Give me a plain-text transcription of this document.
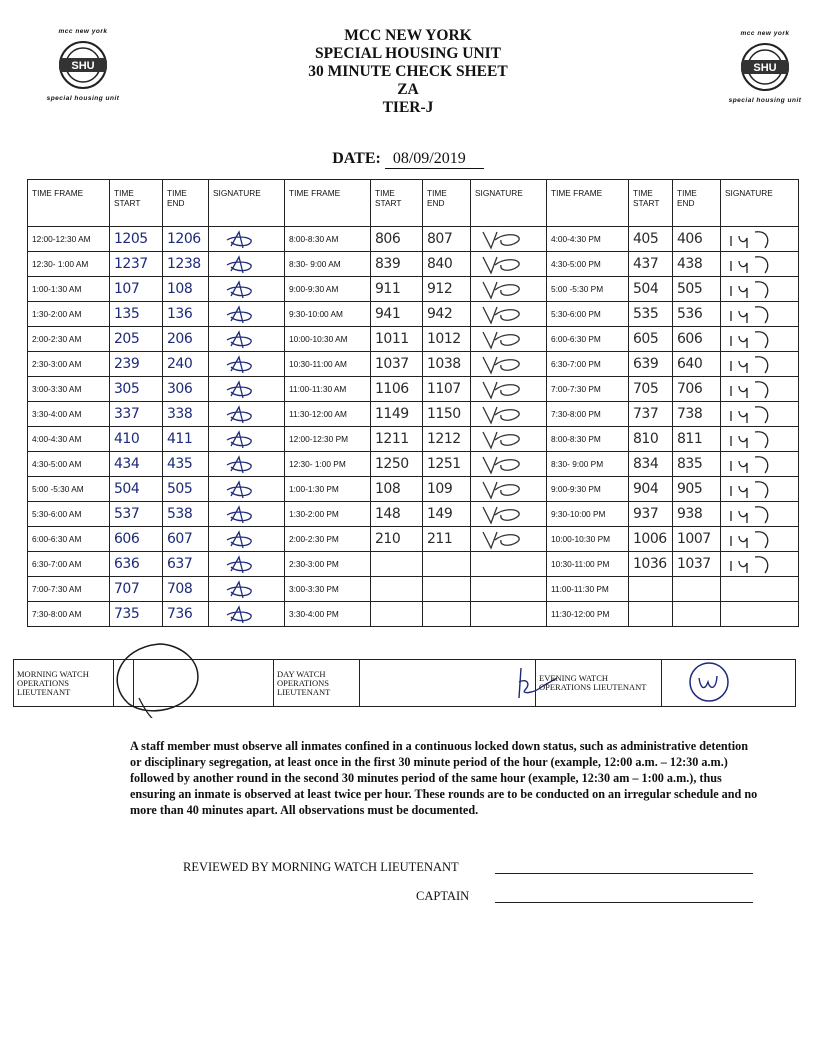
mcc new york
SHU
special housing unit
mcc new york
SHU
special housing unit
MCC NEW YORK
SPECIAL HOUSING UNIT
30 MINUTE CHECK SHEET
ZA
TIER-J
DATE: 08/09/2019
TIME FRAME	TIME START	TIME END	SIGNATURE	TIME FRAME	TIME START	TIME END	SIGNATURE	TIME FRAME	TIME START	TIME END	SIGNATURE
12:00-12:30 AM	1205	1206		8:00-8:30 AM	806	807		4:00-4:30 PM	405	406	

12:30- 1:00 AM	1237	1238		8:30- 9:00 AM	839	840		4:30-5:00 PM	437	438	

1:00-1:30 AM	107	108		9:00-9:30 AM	911	912		5:00 -5:30 PM	504	505	

1:30-2:00 AM	135	136		9:30-10:00 AM	941	942		5:30-6:00 PM	535	536	

2:00-2:30 AM	205	206		10:00-10:30 AM	1011	1012		6:00-6:30 PM	605	606	

2:30-3:00 AM	239	240		10:30-11:00 AM	1037	1038		6:30-7:00 PM	639	640	

3:00-3:30 AM	305	306		11:00-11:30 AM	1106	1107		7:00-7:30 PM	705	706	

3:30-4:00 AM	337	338		11:30-12:00 AM	1149	1150		7:30-8:00 PM	737	738	

4:00-4:30 AM	410	411		12:00-12:30 PM	1211	1212		8:00-8:30 PM	810	811	

4:30-5:00 AM	434	435		12:30- 1:00 PM	1250	1251		8:30- 9:00 PM	834	835	

5:00 -5:30 AM	504	505		1:00-1:30 PM	108	109		9:00-9:30 PM	904	905	

5:30-6:00 AM	537	538		1:30-2:00 PM	148	149		9:30-10:00 PM	937	938	

6:00-6:30 AM	606	607		2:00-2:30 PM	210	211		10:00-10:30 PM	1006	1007	

6:30-7:00 AM	636	637		2:30-3:00 PM				10:30-11:00 PM	1036	1037	

7:00-7:30 AM	707	708		3:00-3:30 PM				11:00-11:30 PM			
7:30-8:00 AM	735	736		3:30-4:00 PM				11:30-12:00 PM			
MORNING WATCH OPERATIONS LIEUTENANT			
	DAY WATCH OPERATIONS LIEUTENANT		EVENING WATCH OPERATIONS LIEUTENANT		
A staff member must observe all inmates confined in a continuous locked down status, such as administrative detention or disciplinary segregation, at least once in the first 30 minute period of the hour (example, 12:00 a.m. – 12:30 a.m.) followed by another round in the second 30 minutes period of the same hour (example, 12:30 am – 1:00 a.m.), thus ensuring an inmate is observed at least twice per hour. These rounds are to be conducted on an irregular schedule and no more than 40 minutes apart. All observations must be documented.
REVIEWED BY MORNING WATCH LIEUTENANT
CAPTAIN
